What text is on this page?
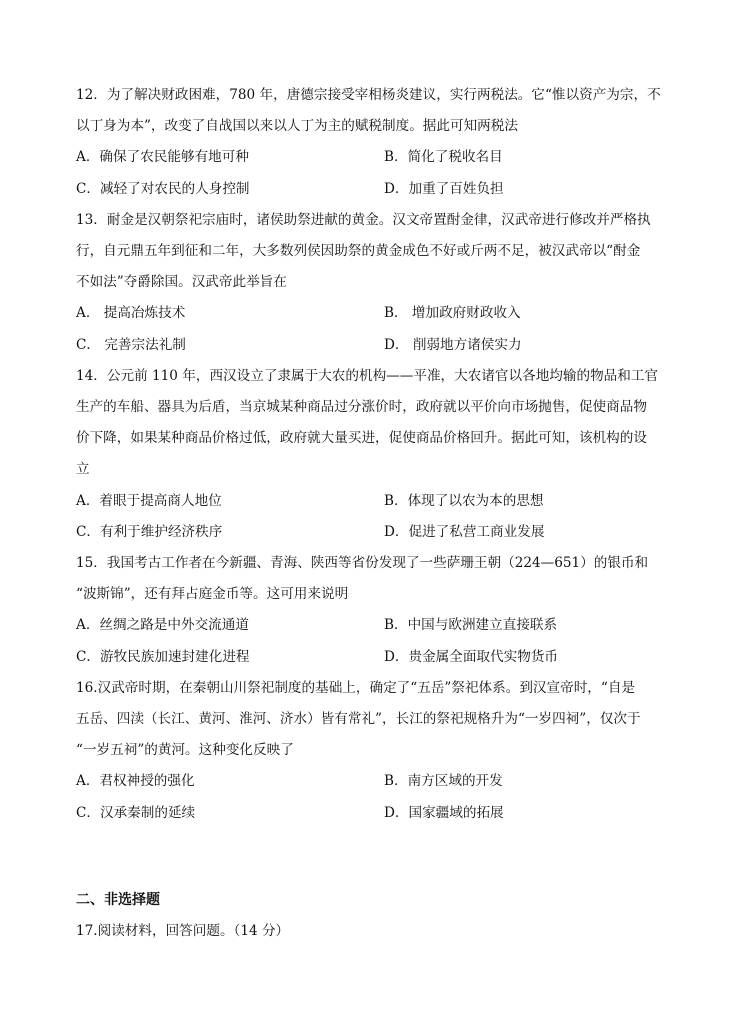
12．为了解决财政困难，780 年，唐德宗接受宰相杨炎建议，实行两税法。它“惟以资产为宗，不
以丁身为本”，改变了自战国以来以人丁为主的赋税制度。据此可知两税法
A．确保了农民能够有地可种	B．简化了税收名目
C．减轻了对农民的人身控制	D．加重了百姓负担
13．耐金是汉朝祭祀宗庙时，诸侯助祭进献的黄金。汉文帝置酎金律，汉武帝进行修改并严格执
行，自元鼎五年到征和二年，大多数列侯因助祭的黄金成色不好或斤两不足，被汉武帝以“酎金
不如法”夺爵除国。汉武帝此举旨在
A． 提高冶炼技术	B． 增加政府财政收入
C． 完善宗法礼制	D． 削弱地方诸侯实力
14．公元前 110 年，西汉设立了隶属于大农的机构——平准，大农诸官以各地均输的物品和工官
生产的车船、器具为后盾，当京城某种商品过分涨价时，政府就以平价向市场抛售，促使商品物
价下降，如果某种商品价格过低，政府就大量买进，促使商品价格回升。据此可知，该机构的设
立
A．着眼于提高商人地位	B．体现了以农为本的思想
C．有利于维护经济秩序	D．促进了私营工商业发展
15．我国考古工作者在今新疆、青海、陕西等省份发现了一些萨珊王朝（224—651）的银币和
“波斯锦”，还有拜占庭金币等。这可用来说明
A．丝绸之路是中外交流通道	B．中国与欧洲建立直接联系
C．游牧民族加速封建化进程	D．贵金属全面取代实物货币
16.汉武帝时期，在秦朝山川祭祀制度的基础上，确定了“五岳”祭祀体系。到汉宣帝时，“自是
五岳、四渎（长江、黄河、淮河、济水）皆有常礼”，长江的祭祀规格升为“一岁四祠”，仅次于
“一岁五祠”的黄河。这种变化反映了
A．君权神授的强化	B．南方区域的开发
C．汉承秦制的延续	D．国家疆域的拓展
二、非选择题
17.阅读材料，回答问题。（14 分）
